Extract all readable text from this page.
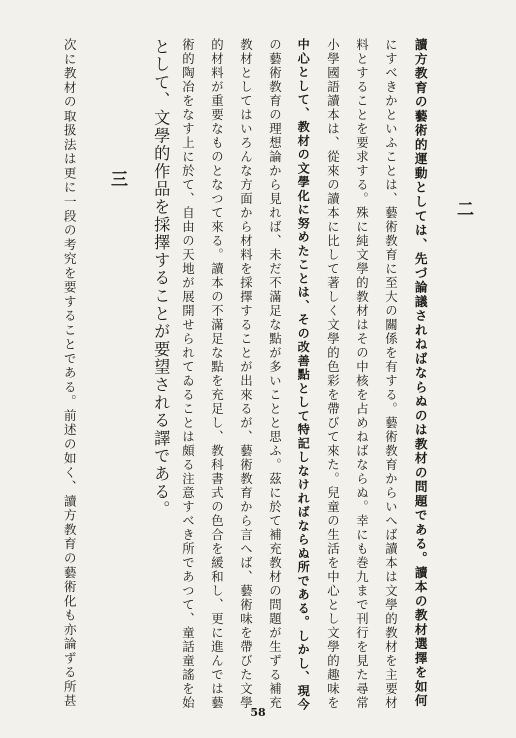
二
讀方教育の藝術的運動としては、先づ論議されねばならぬのは教材の問題である。讀本の教材選擇を如何
にすべきかといふことは、藝術教育に至大の關係を有する。藝術教育からいへば讀本は文學的教材を主要材
料とすることを要求する。殊に純文學的教材はその中核を占めねばならぬ。幸にも巻九まで刊行を見た尋常
小學國語讀本は、從來の讀本に比して著しく文學的色彩を帶びて來た。兒童の生活を中心とし文學的趣味を
中心として、教材の文學化に努めたことは、その改善點として特記しなければならぬ所である。しかし、現今
の藝術教育の理想論から見れば、未だ不滿足な點が多いことと思ふ。茲に於て補充教材の問題が生ずる補充
教材としてはいろんな方面から材料を採擇することが出來るが、藝術教育から言へば、藝術味を帶びた文學
的材料が重要なものとなつて來る。讀本の不滿足な點を充足し、教科書式の色合を緩和し、更に進んでは藝
術的陶冶をなす上に於て、自由の天地が展開せられてゐることは頗る注意すべき所であつて、童話童謠を始
として、文學的作品を採擇することが要望される譯である。
三
次に教材の取扱法は更に一段の考究を要することである。前述の如く、讀方教育の藝術化も亦論ずる所甚
58
